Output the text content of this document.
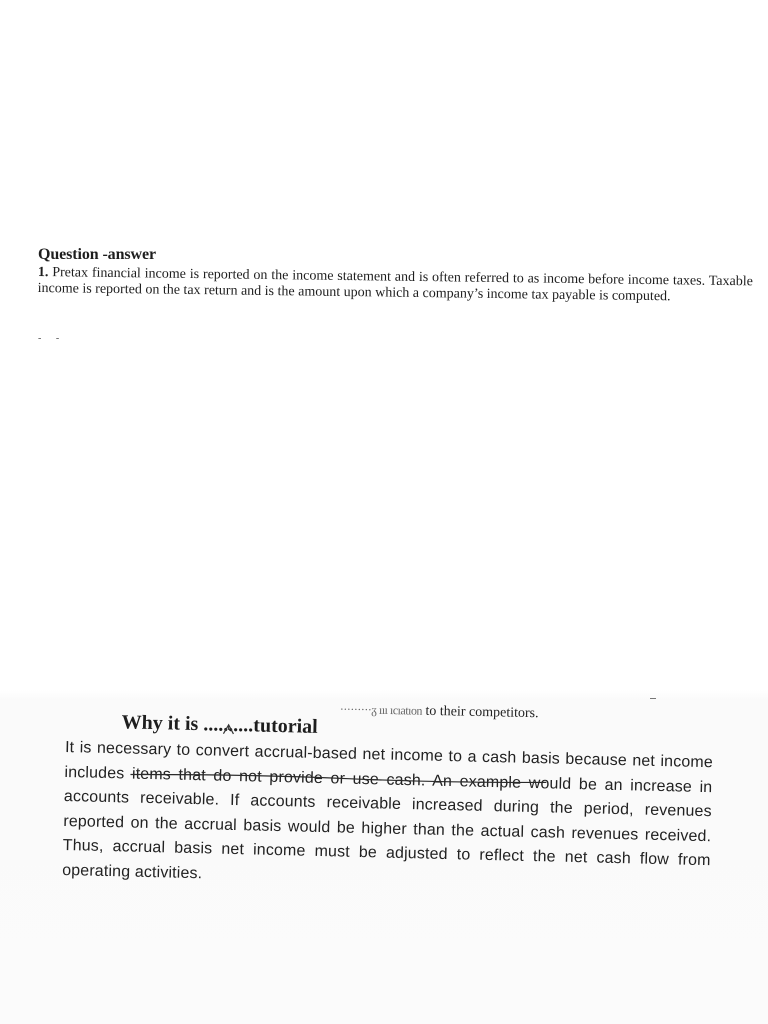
Question -answer

1. Pretax financial income is reported on the income statement and is often referred to as income before income taxes. Taxable income is reported on the tax return and is the amount upon which a company’s income tax payable is computed.

- -
·········ᵹ ııı ıcıatıon to their competitors.
Why it is ..........tutorial

It is necessary to convert accrual-based net income to a cash basis because net income includes items that do not provide or use cash. An example would be an increase in accounts receivable. If accounts receivable increased during the period, revenues reported on the accrual basis would be higher than the actual cash revenues received. Thus, accrual basis net income must be adjusted to reflect the net cash flow from operating activities.
